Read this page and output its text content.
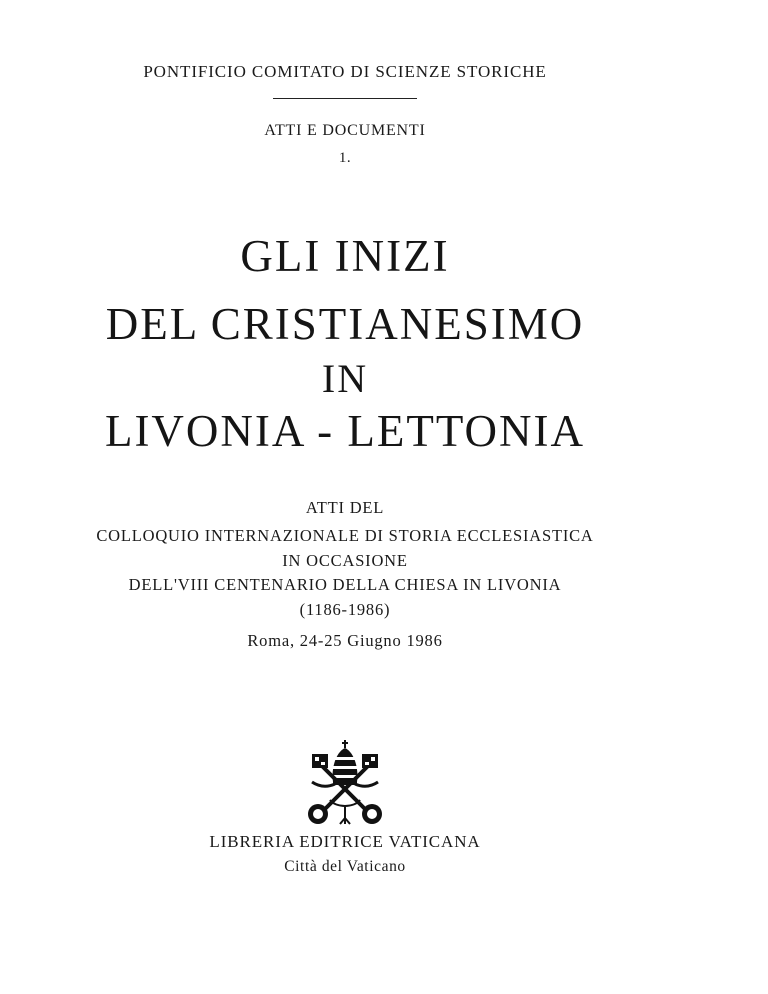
PONTIFICIO COMITATO DI SCIENZE STORICHE
ATTI E DOCUMENTI
1.
GLI INIZI
DEL CRISTIANESIMO
IN
LIVONIA - LETTONIA
ATTI DEL
COLLOQUIO INTERNAZIONALE DI STORIA ECCLESIASTICA
IN OCCASIONE
DELL'VIII CENTENARIO DELLA CHIESA IN LIVONIA
(1186-1986)
Roma, 24-25 Giugno 1986
LIBRERIA EDITRICE VATICANA
Città del Vaticano
